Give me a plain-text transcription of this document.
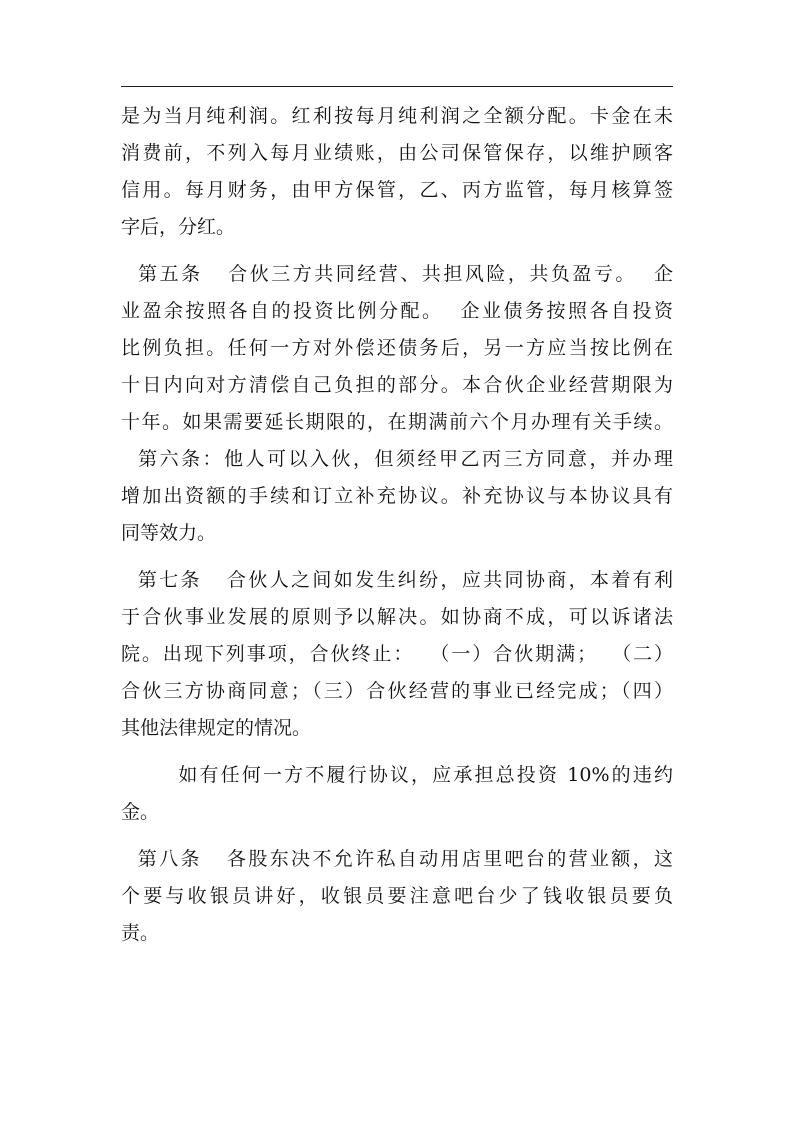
是为当月纯利润。红利按每月纯利润之全额分配。卡金在未
消费前，不列入每月业绩账，由公司保管保存，以维护顾客
信用。每月财务，由甲方保管，乙、丙方监管，每月核算签
字后，分红。
第五条   合伙三方共同经营、共担风险，共负盈亏。  企
业盈余按照各自的投资比例分配。  企业债务按照各自投资
比例负担。任何一方对外偿还债务后，另一方应当按比例在
十日内向对方清偿自己负担的部分。本合伙企业经营期限为
十年。如果需要延长期限的，在期满前六个月办理有关手续。
第六条：他人可以入伙，但须经甲乙丙三方同意，并办理
增加出资额的手续和订立补充协议。补充协议与本协议具有
同等效力。
第七条   合伙人之间如发生纠纷，应共同协商，本着有利
于合伙事业发展的原则予以解决。如协商不成，可以诉诸法
院。出现下列事项，合伙终止：  （一）合伙期满；  （二）
合伙三方协商同意；（三）合伙经营的事业已经完成；（四）
其他法律规定的情况。
如有任何一方不履行协议，应承担总投资 10%的违约
金。
第八条   各股东决不允许私自动用店里吧台的营业额，这
个要与收银员讲好，收银员要注意吧台少了钱收银员要负
责。
